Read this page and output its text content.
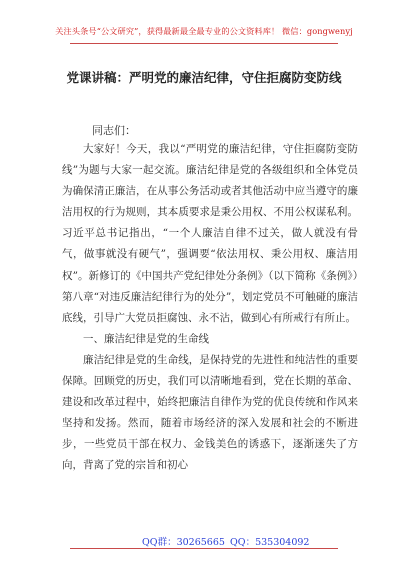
关注头条号“公文研究”，获得最新最全最专业的公文资料库！ 微信：gongwenyj
党课讲稿：严明党的廉洁纪律，守住拒腐防变防线
同志们：

大家好！今天，我以“严明党的廉洁纪律，守住拒腐防变防线”为题与大家一起交流。廉洁纪律是党的各级组织和全体党员为确保清正廉洁，在从事公务活动或者其他活动中应当遵守的廉洁用权的行为规则，其本质要求是秉公用权、不用公权谋私利。习近平总书记指出，“一个人廉洁自律不过关，做人就没有骨气，做事就没有硬气”，强调要“依法用权、秉公用权、廉洁用权”。新修订的《中国共产党纪律处分条例》（以下简称《条例》）第八章“对违反廉洁纪律行为的处分”，划定党员不可触碰的廉洁底线，引导广大党员拒腐蚀、永不沾，做到心有所戒行有所止。

一、廉洁纪律是党的生命线

廉洁纪律是党的生命线，是保持党的先进性和纯洁性的重要保障。回顾党的历史，我们可以清晰地看到，党在长期的革命、建设和改革过程中，始终把廉洁自律作为党的优良传统和作风来坚持和发扬。然而，随着市场经济的深入发展和社会的不断进步，一些党员干部在权力、金钱美色的诱惑下，逐渐迷失了方向，背离了党的宗旨和初心

QQ群：30265665 QQ：535304092
